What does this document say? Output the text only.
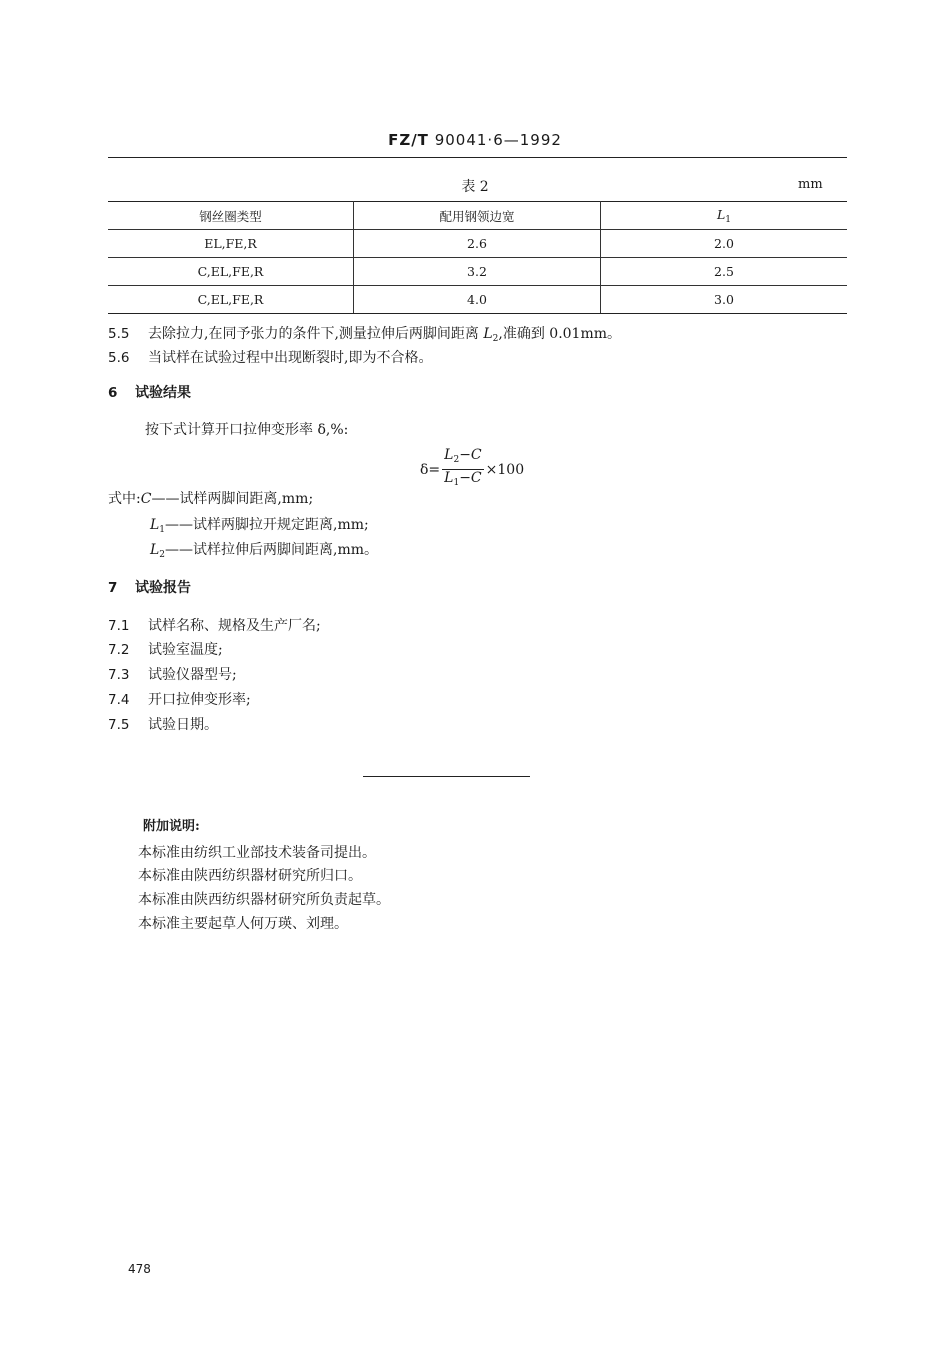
FZ/T 90041·6—1992
表 2	mm
钢丝圈类型	配用钢领边宽	$L_1$
EL,FE,R	2.6	2.0
C,EL,FE,R	3.2	2.5
C,EL,FE,R	4.0	3.0
5.5 去除拉力,在同予张力的条件下,测量拉伸后两脚间距离 $L_2$,准确到 0.01mm。
5.6 当试样在试验过程中出现断裂时,即为不合格。
6 试验结果
按下式计算开口拉伸变形率 δ,%:
$\delta= \frac{L_2-C}{L_1-C} \times 100$
式中:C——试样两脚间距离,mm;
$L_1——$试样两脚拉开规定距离,mm;
$L_2——$试样拉伸后两脚间距离,mm。
7 试验报告
7.1 试样名称、规格及生产厂名;
7.2 试验室温度;
7.3 试验仪器型号;
7.4 开口拉伸变形率;
7.5 试验日期。
附加说明:
本标准由纺织工业部技术装备司提出。
本标准由陕西纺织器材研究所归口。
本标准由陕西纺织器材研究所负责起草。
本标准主要起草人何万瑛、刘理。
478
